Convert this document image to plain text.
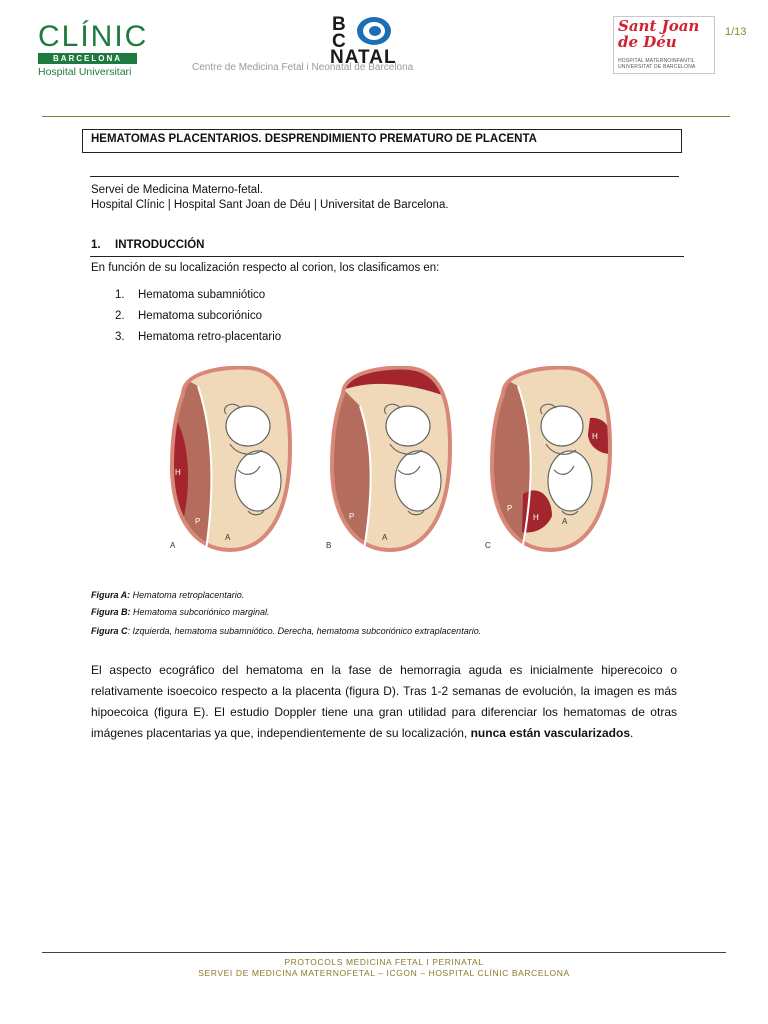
CLÍNIC
BARCELONA
Hospital Universitari
B
C
NATAL
Centre de Medicina Fetal i Neonatal de Barcelona
Sant Joan de Déu
HOSPITAL MATERNOINFANTIL
UNIVERSITAT DE BARCELONA
1/13
HEMATOMAS PLACENTARIOS. DESPRENDIMIENTO PREMATURO DE PLACENTA
Servei de Medicina Materno-fetal.
Hospital Clínic | Hospital Sant Joan de Déu | Universitat de Barcelona.
1. INTRODUCCIÓN
En función de su localización respecto al corion, los clasificamos en:
1. Hematoma subamniótico
2. Hematoma subcoriónico
3. Hematoma retro-placentario
H
P
A
A
H
P
A
B
H
H
P
A
C
Figura A: Hematoma retroplacentario.
Figura B: Hematoma subcoriónico marginal.
Figura C: Izquierda, hematoma subamniótico. Derecha, hematoma subcoriónico extraplacentario.
El aspecto ecográfico del hematoma en la fase de hemorragia aguda es inicialmente hiperecoico o relativamente isoecoico respecto a la placenta (figura D). Tras 1-2 semanas de evolución, la imagen es más hipoecoica (figura E). El estudio Doppler tiene una gran utilidad para diferenciar los hematomas de otras imágenes placentarias ya que, independientemente de su localización, nunca están vascularizados.
PROTOCOLS MEDICINA FETAL I PERINATAL
SERVEI DE MEDICINA MATERNOFETAL – ICGON – HOSPITAL CLÍNIC BARCELONA
